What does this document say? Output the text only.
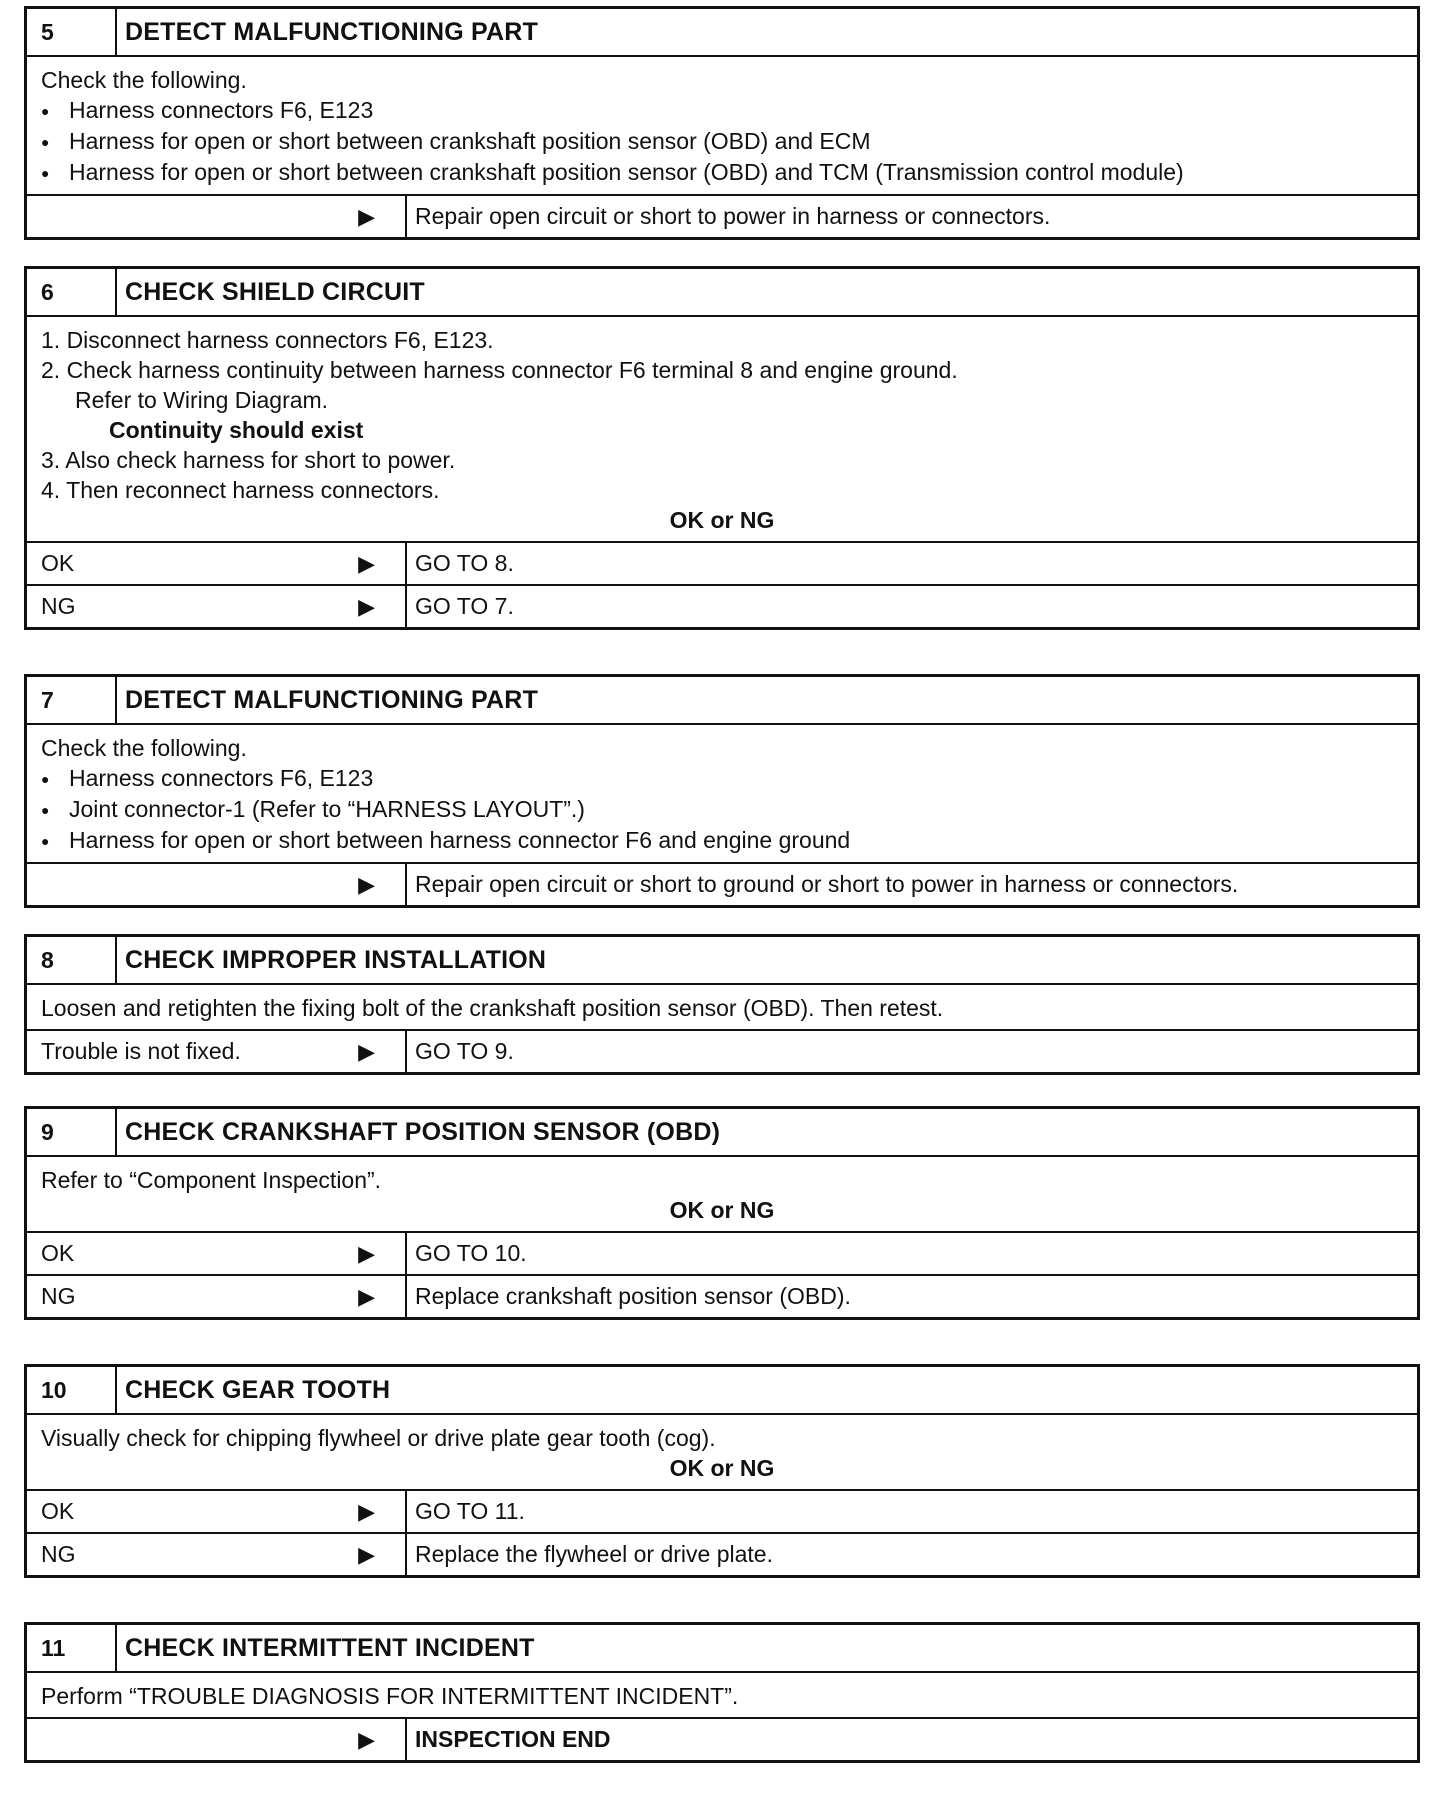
5	DETECT MALFUNCTIONING PART
Check the following.
● Harness connectors F6, E123
● Harness for open or short between crankshaft position sensor (OBD) and ECM
● Harness for open or short between crankshaft position sensor (OBD) and TCM (Transmission control module)
▶	Repair open circuit or short to power in harness or connectors.
6	CHECK SHIELD CIRCUIT
1. Disconnect harness connectors F6, E123.
2. Check harness continuity between harness connector F6 terminal 8 and engine ground.
Refer to Wiring Diagram.
Continuity should exist
3. Also check harness for short to power.
4. Then reconnect harness connectors.
OK or NG
OK	▶	GO TO 8.
NG	▶	GO TO 7.
7	DETECT MALFUNCTIONING PART
Check the following.
● Harness connectors F6, E123
● Joint connector-1 (Refer to “HARNESS LAYOUT”.)
● Harness for open or short between harness connector F6 and engine ground
▶	Repair open circuit or short to ground or short to power in harness or connectors.
8	CHECK IMPROPER INSTALLATION
Loosen and retighten the fixing bolt of the crankshaft position sensor (OBD). Then retest.
Trouble is not fixed.	▶	GO TO 9.
9	CHECK CRANKSHAFT POSITION SENSOR (OBD)
Refer to “Component Inspection”.
OK or NG
OK	▶	GO TO 10.
NG	▶	Replace crankshaft position sensor (OBD).
10	CHECK GEAR TOOTH
Visually check for chipping flywheel or drive plate gear tooth (cog).
OK or NG
OK	▶	GO TO 11.
NG	▶	Replace the flywheel or drive plate.
11	CHECK INTERMITTENT INCIDENT
Perform “TROUBLE DIAGNOSIS FOR INTERMITTENT INCIDENT”.
▶	INSPECTION END
